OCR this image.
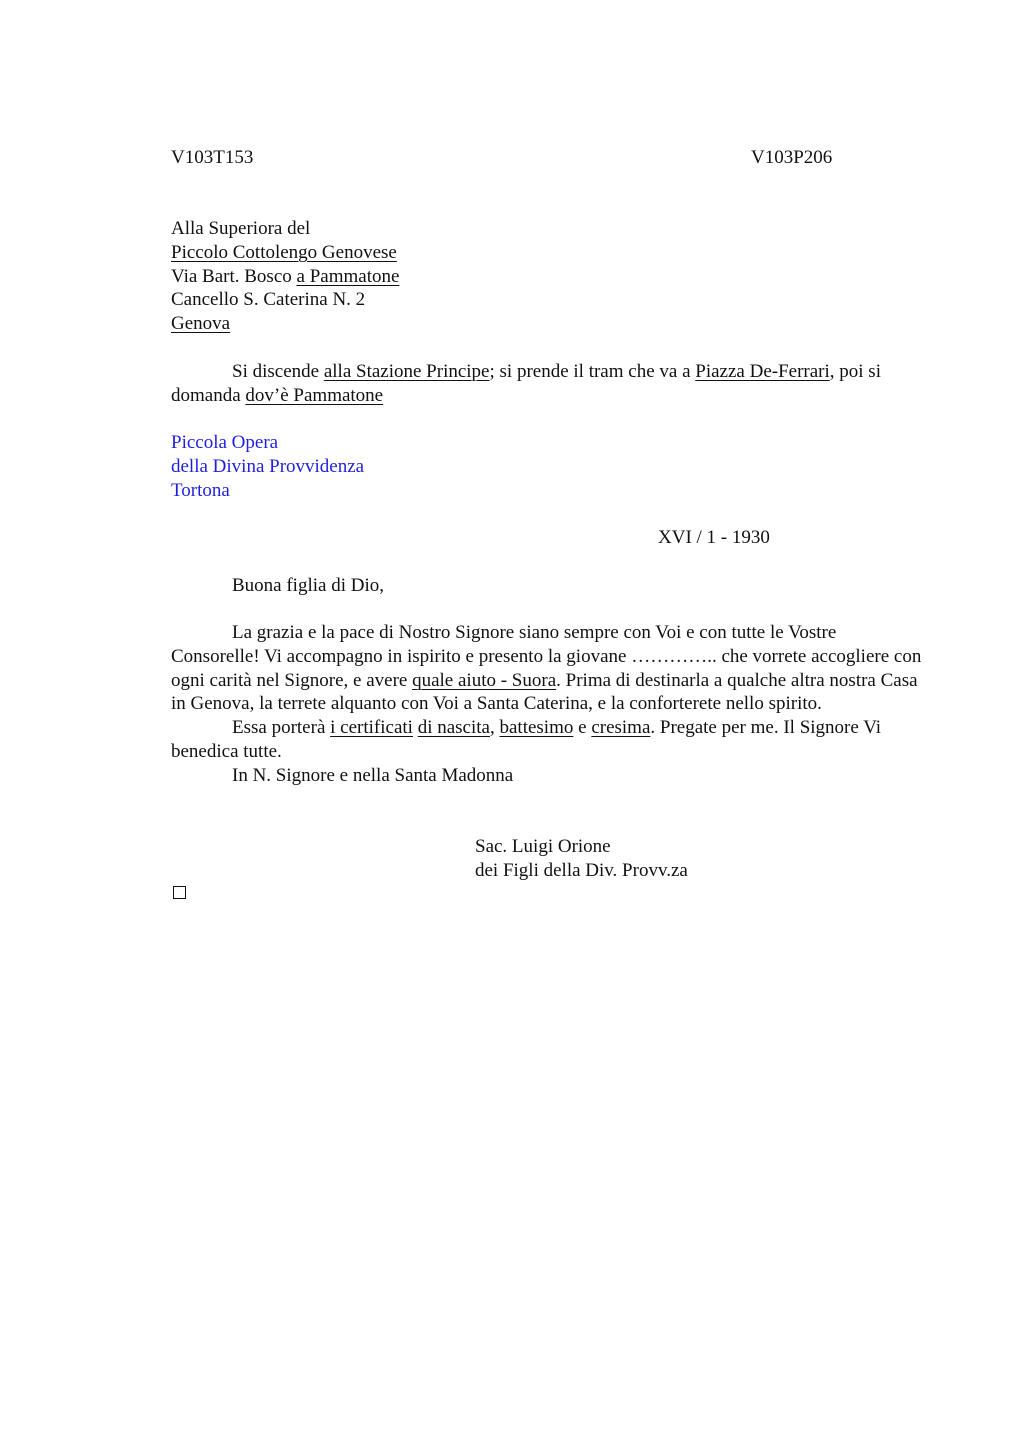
V103T153	V103P206
Alla Superiora del
Piccolo Cottolengo Genovese
Via Bart. Bosco a Pammatone
Cancello S. Caterina N. 2
Genova

Si discende alla Stazione Principe; si prende il tram che va a Piazza De-Ferrari, poi si domanda dov’è Pammatone

Piccola Opera
della Divina Provvidenza
Tortona
XVI / 1 - 1930
Buona figlia di Dio,

La grazia e la pace di Nostro Signore siano sempre con Voi e con tutte le Vostre Consorelle! Vi accompagno in ispirito e presento la giovane ………….. che vorrete accogliere con ogni carità nel Signore, e avere quale aiuto - Suora. Prima di destinarla a qualche altra nostra Casa in Genova, la terrete alquanto con Voi a Santa Caterina, e la conforterete nello spirito.

Essa porterà i certificati di nascita, battesimo e cresima. Pregate per me. Il Signore Vi benedica tutte.

In N. Signore e nella Santa Madonna

Sac. Luigi Orione
dei Figli della Div. Provv.za
